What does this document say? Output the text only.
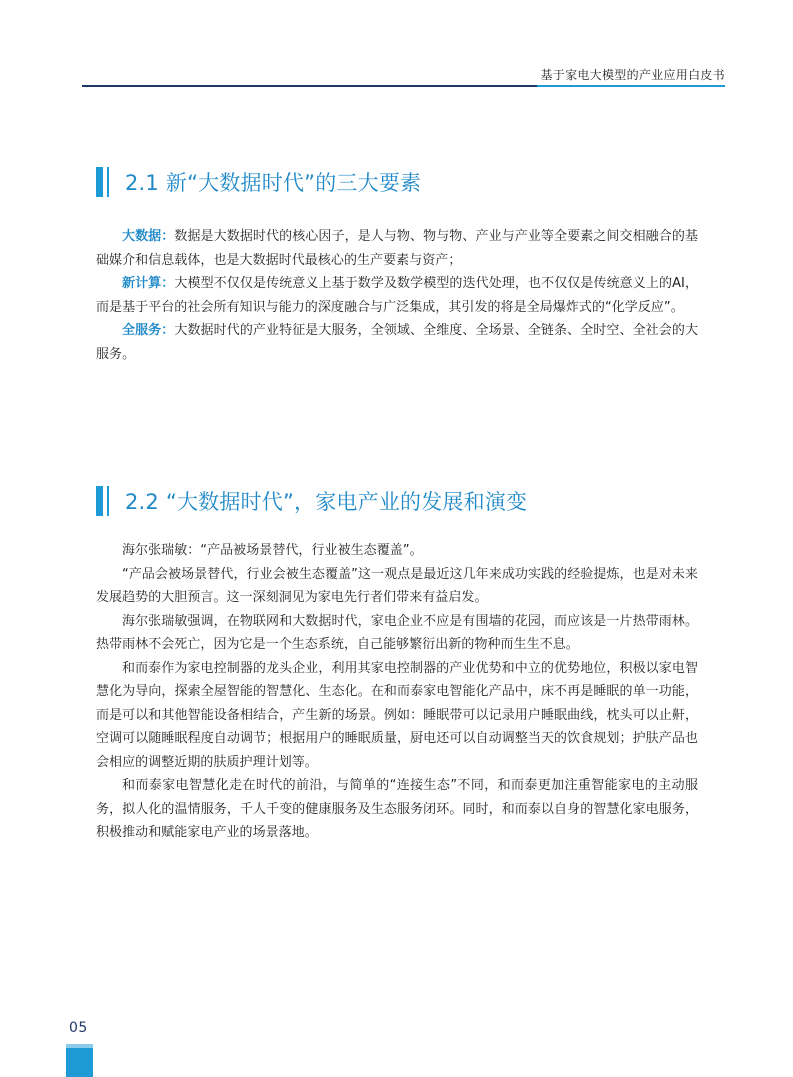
基于家电大模型的产业应用白皮书
2.1 新“大数据时代”的三大要素

大数据：数据是大数据时代的核心因子，是人与物、物与物、产业与产业等全要素之间交相融合的基础媒介和信息载体，也是大数据时代最核心的生产要素与资产；

新计算：大模型不仅仅是传统意义上基于数学及数学模型的迭代处理，也不仅仅是传统意义上的AI，而是基于平台的社会所有知识与能力的深度融合与广泛集成，其引发的将是全局爆炸式的“化学反应”。

全服务：大数据时代的产业特征是大服务，全领域、全维度、全场景、全链条、全时空、全社会的大服务。

2.2 “大数据时代”，家电产业的发展和演变

海尔张瑞敏：“产品被场景替代，行业被生态覆盖”。

“产品会被场景替代，行业会被生态覆盖”这一观点是最近这几年来成功实践的经验提炼，也是对未来发展趋势的大胆预言。这一深刻洞见为家电先行者们带来有益启发。

海尔张瑞敏强调，在物联网和大数据时代，家电企业不应是有围墙的花园，而应该是一片热带雨林。热带雨林不会死亡，因为它是一个生态系统，自己能够繁衍出新的物种而生生不息。

和而泰作为家电控制器的龙头企业，利用其家电控制器的产业优势和中立的优势地位，积极以家电智慧化为导向，探索全屋智能的智慧化、生态化。在和而泰家电智能化产品中，床不再是睡眠的单一功能，而是可以和其他智能设备相结合，产生新的场景。例如：睡眠带可以记录用户睡眠曲线，枕头可以止鼾，空调可以随睡眠程度自动调节；根据用户的睡眠质量，厨电还可以自动调整当天的饮食规划；护肤产品也会相应的调整近期的肤质护理计划等。

和而泰家电智慧化走在时代的前沿，与简单的“连接生态”不同，和而泰更加注重智能家电的主动服务，拟人化的温情服务，千人千变的健康服务及生态服务闭环。同时，和而泰以自身的智慧化家电服务，积极推动和赋能家电产业的场景落地。

05
